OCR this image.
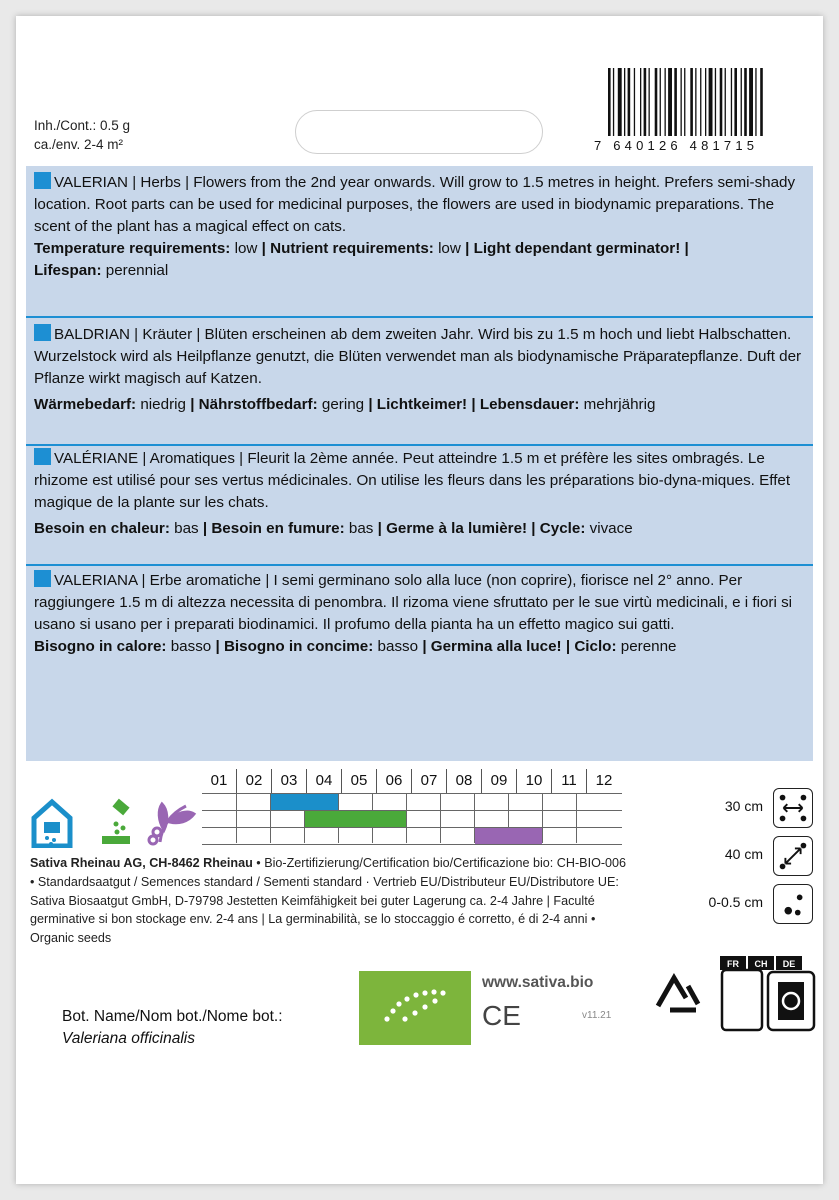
Inh./Cont.: 0.5 g
ca./env. 2-4 m²	7 640126 481715
VALERIAN | Herbs | Flowers from the 2nd year onwards. Will grow to 1.5 metres in height. Prefers semi-shady location. Root parts can be used for medicinal purposes, the flowers are used in biodynamic preparations. The scent of the plant has a magical effect on cats.
Temperature requirements: low | Nutrient requirements: low | Light dependant germinator! |
Lifespan: perennial
BALDRIAN | Kräuter | Blüten erscheinen ab dem zweiten Jahr. Wird bis zu 1.5 m hoch und liebt Halbschatten. Wurzelstock wird als Heilpflanze genutzt, die Blüten verwendet man als biodynamische Präparatepflanze. Duft der Pflanze wirkt magisch auf Katzen.

Wärmebedarf: niedrig | Nährstoffbedarf: gering | Lichtkeimer! | Lebensdauer: mehrjährig
VALÉRIANE | Aromatiques | Fleurit la 2ème année. Peut atteindre 1.5 m et préfère les sites ombragés. Le rhizome est utilisé pour ses vertus médicinales. On utilise les fleurs dans les préparations bio-dyna-miques. Effet magique de la plante sur les chats.

Besoin en chaleur: bas | Besoin en fumure: bas | Germe à la lumière! | Cycle: vivace
VALERIANA | Erbe aromatiche | I semi germinano solo alla luce (non coprire), fiorisce nel 2° anno. Per raggiungere 1.5 m di altezza necessita di penombra. Il rizoma viene sfruttato per le sue virtù medicinali, e i fiori si usano si usano per i preparati biodinamici. Il profumo della pianta ha un effetto magico sui gatti.
Bisogno in calore: basso | Bisogno in concime: basso | Germina alla luce! | Ciclo: perenne
01	02	03	04	05	06	07	08	09	10	11	12
Sativa Rheinau AG, CH-8462 Rheinau • Bio-Zertifizierung/Certification bio/Certificazione bio: CH-BIO-006 • Standardsaatgut / Semences standard / Sementi standard · Vertrieb EU/Distributeur EU/Distributore UE: Sativa Biosaatgut GmbH, D-79798 Jestetten Keimfähigkeit bei guter Lagerung ca. 2-4 Jahre | Faculté germinative si bon stockage env. 2-4 ans | La germinabilità, se lo stoccaggio é corretto, é di 2-4 anni • Organic seeds
30 cm
40 cm
0-0.5 cm
www.sativa.bio
CE	v11.21
Bot. Name/Nom bot./Nome bot.:
Valeriana officinalis
FR CH DE
